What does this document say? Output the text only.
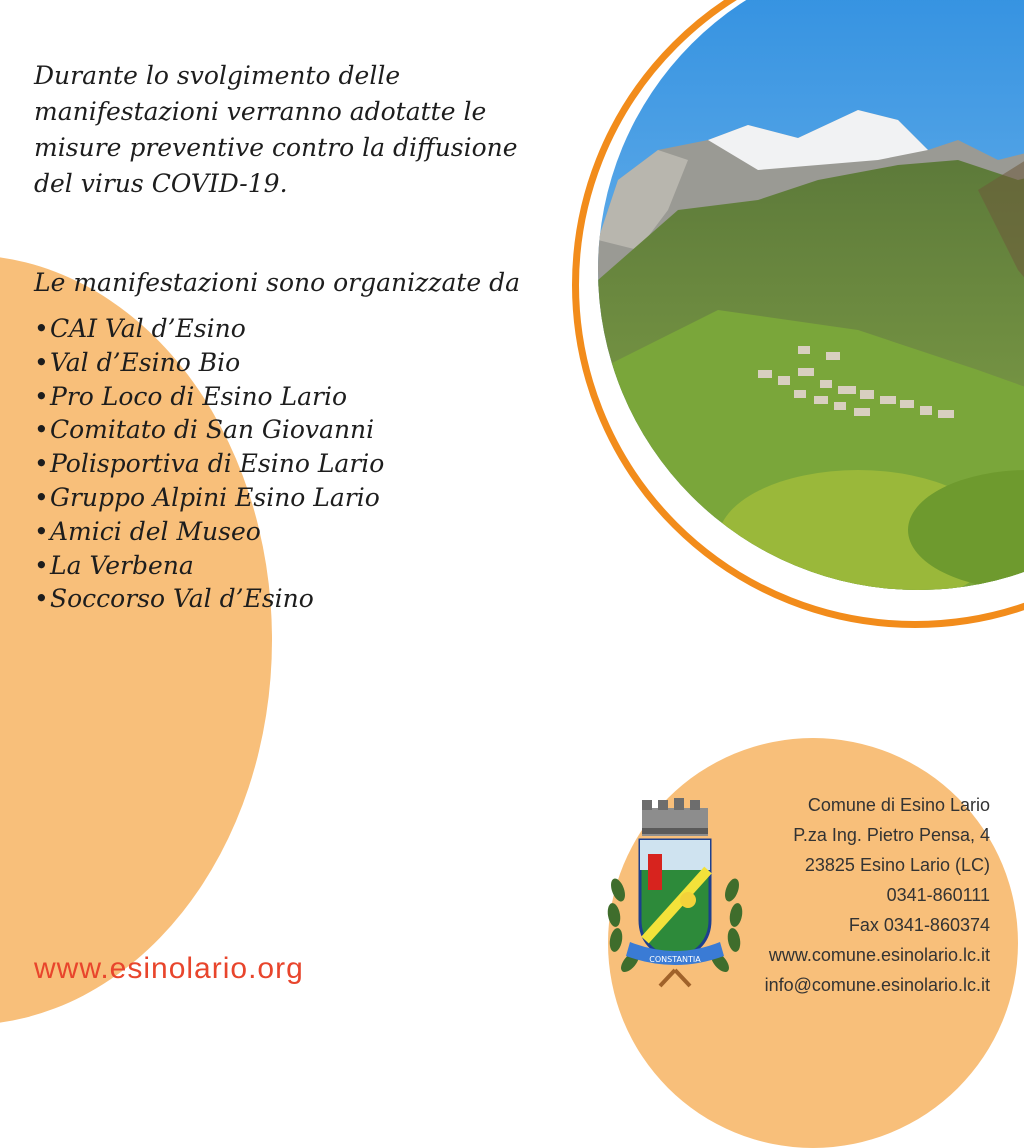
Durante lo svolgimento delle manifestazioni verranno adotatte le misure preventive contro la diffusione del virus COVID-19.

Le manifestazioni sono organizzate da

•CAI Val d’Esino
•Val d’Esino Bio
•Pro Loco di Esino Lario
•Comitato di San Giovanni
•Polisportiva di Esino Lario
•Gruppo Alpini Esino Lario
•Amici del Museo
•La Verbena
•Soccorso Val d’Esino
www.esinolario.org	CONSTANTIA
Comune di Esino Lario
P.za Ing. Pietro Pensa, 4
23825 Esino Lario (LC)
0341-860111
Fax 0341-860374
www.comune.esinolario.lc.it
info@comune.esinolario.lc.it
